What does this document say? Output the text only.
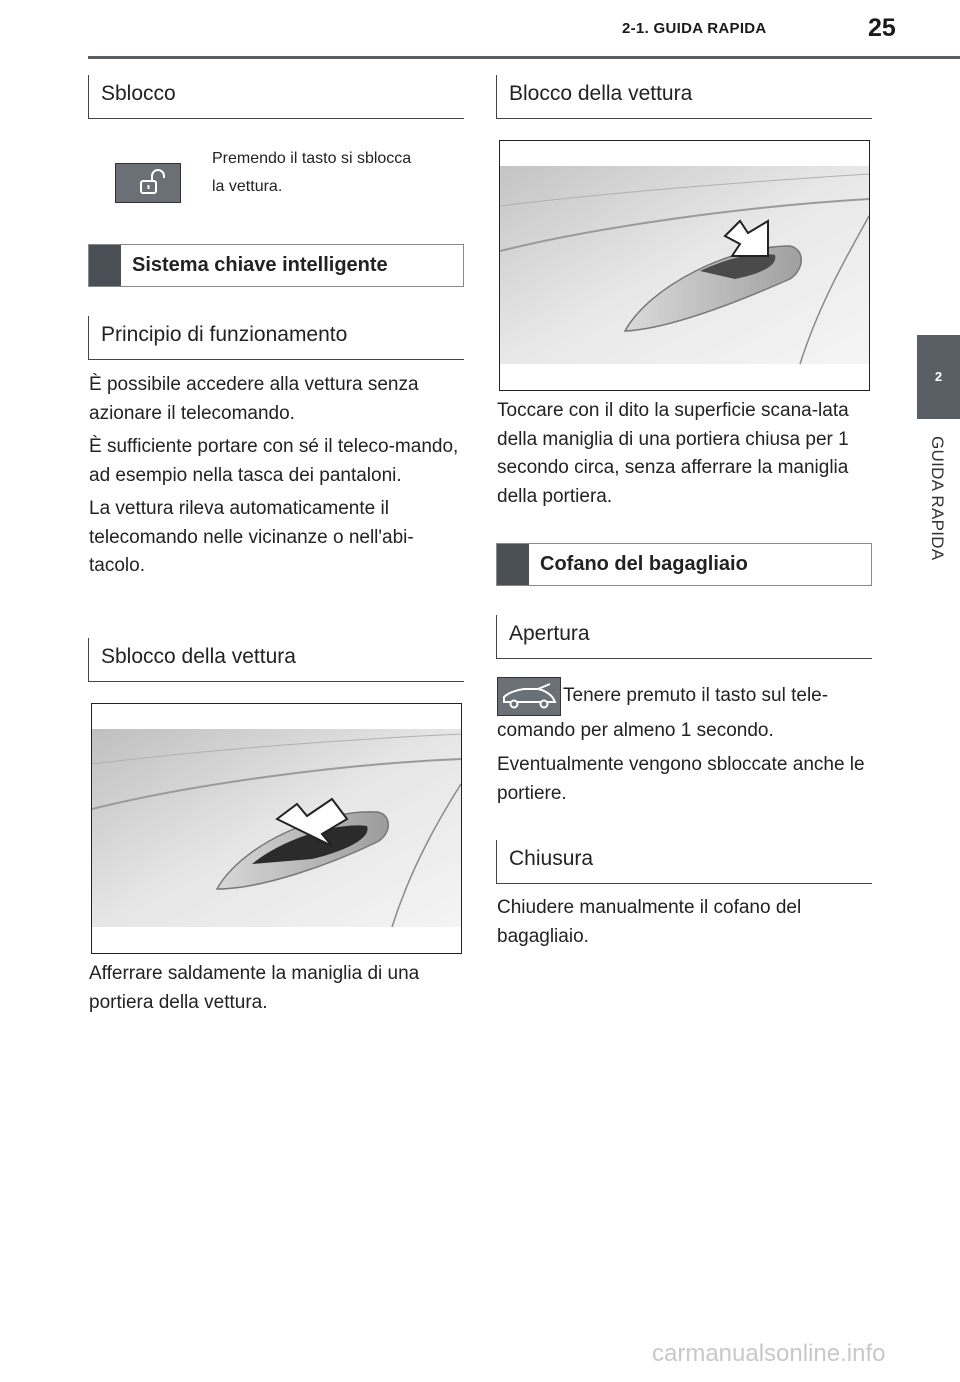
2-1. GUIDA RAPIDA	25
2
GUIDA RAPIDA
Sblocco
Premendo il tasto si sblocca
la vettura.
Sistema chiave intelligente
Principio di funzionamento

È possibile accedere alla vettura senza azionare il telecomando.

È sufficiente portare con sé il teleco-mando, ad esempio nella tasca dei pantaloni.

La vettura rileva automaticamente il telecomando nelle vicinanze o nell'abi-tacolo.

Sblocco della vettura
Afferrare saldamente la maniglia di una portiera della vettura.
Blocco della vettura
Toccare con il dito la superficie scana-lata della maniglia di una portiera chiusa per 1 secondo circa, senza afferrare la maniglia della portiera.
Cofano del bagagliaio
Apertura
Tenere premuto il tasto sul tele-
comando per almeno 1 secondo.
Eventualmente vengono sbloccate anche le portiere.
Chiusura
Chiudere manualmente il cofano del bagagliaio.
carmanualsonline.info
